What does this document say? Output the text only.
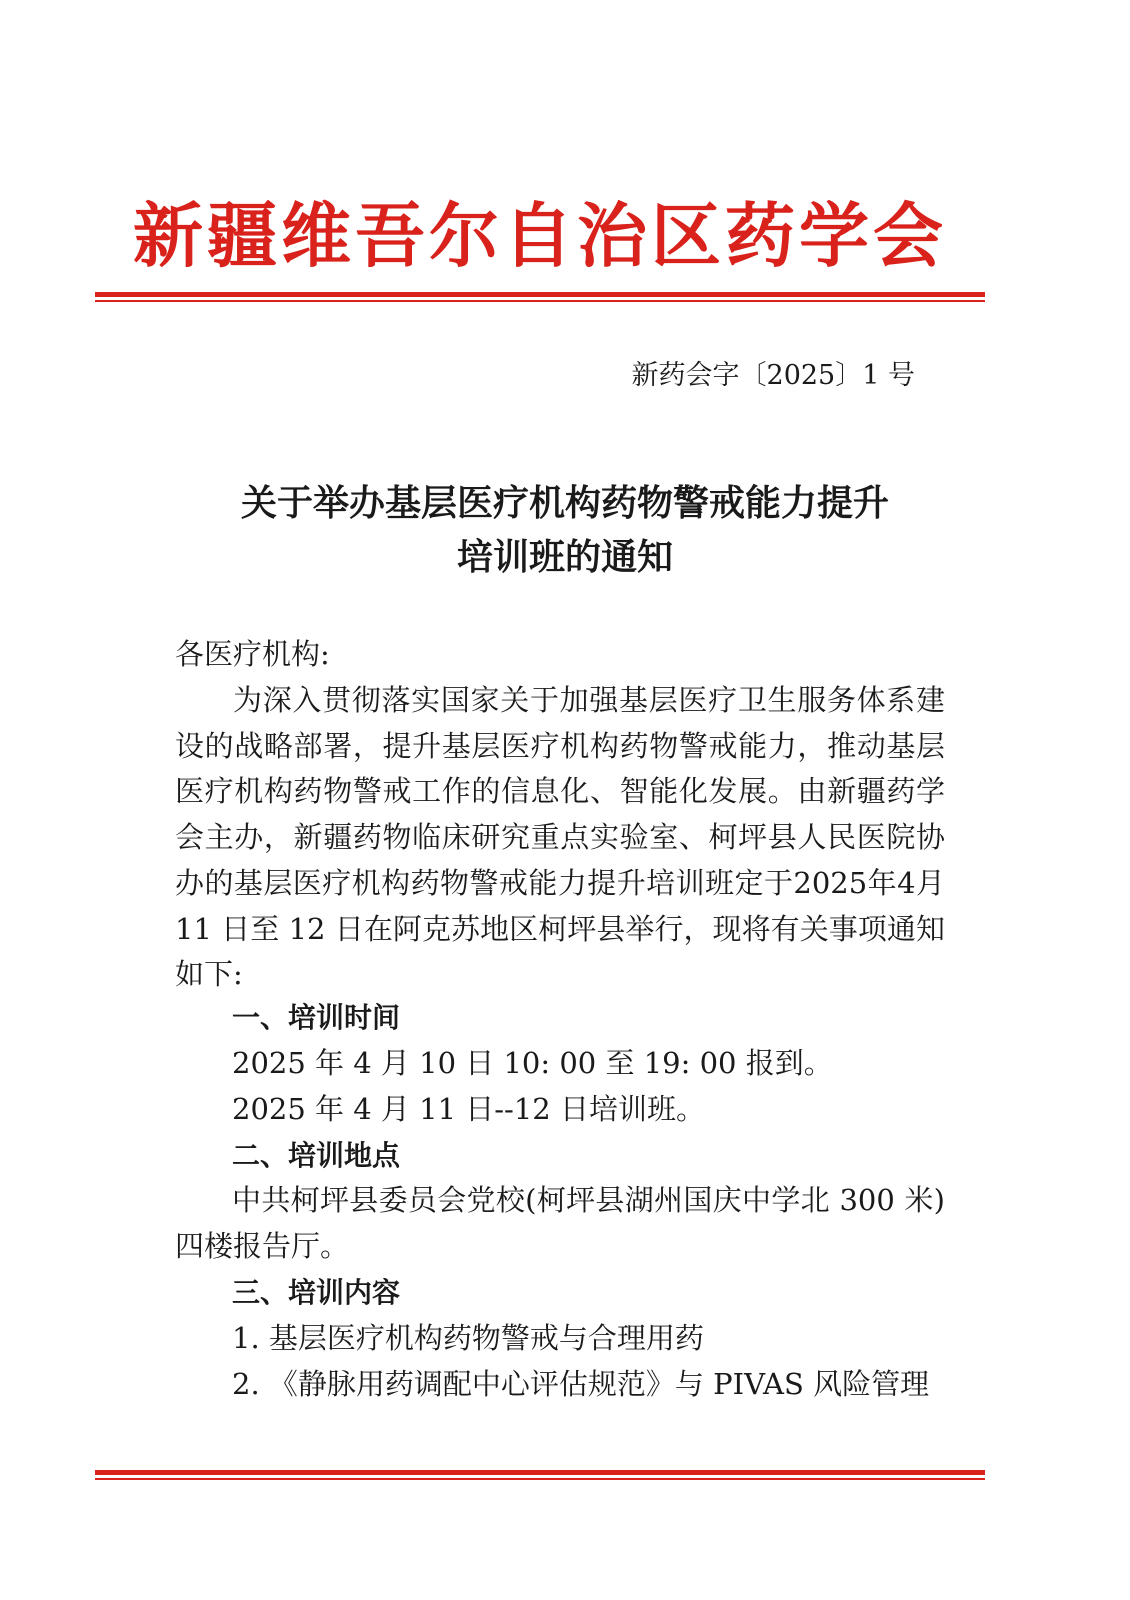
新疆维吾尔自治区药学会
新药会字〔2025〕1 号
关于举办基层医疗机构药物警戒能力提升
培训班的通知
各医疗机构:
为深入贯彻落实国家关于加强基层医疗卫生服务体系建设的战略部署，提升基层医疗机构药物警戒能力，推动基层医疗机构药物警戒工作的信息化、智能化发展。由新疆药学会主办，新疆药物临床研究重点实验室、柯坪县人民医院协办的基层医疗机构药物警戒能力提升培训班定于2025年4月 11 日至 12 日在阿克苏地区柯坪县举行，现将有关事项通知如下:
一、培训时间
2025 年 4 月 10 日 10: 00 至 19: 00 报到。
2025 年 4 月 11 日--12 日培训班。
二、培训地点
中共柯坪县委员会党校(柯坪县湖州国庆中学北 300 米)四楼报告厅。
三、培训内容
1. 基层医疗机构药物警戒与合理用药
2. 《静脉用药调配中心评估规范》与 PIVAS 风险管理
